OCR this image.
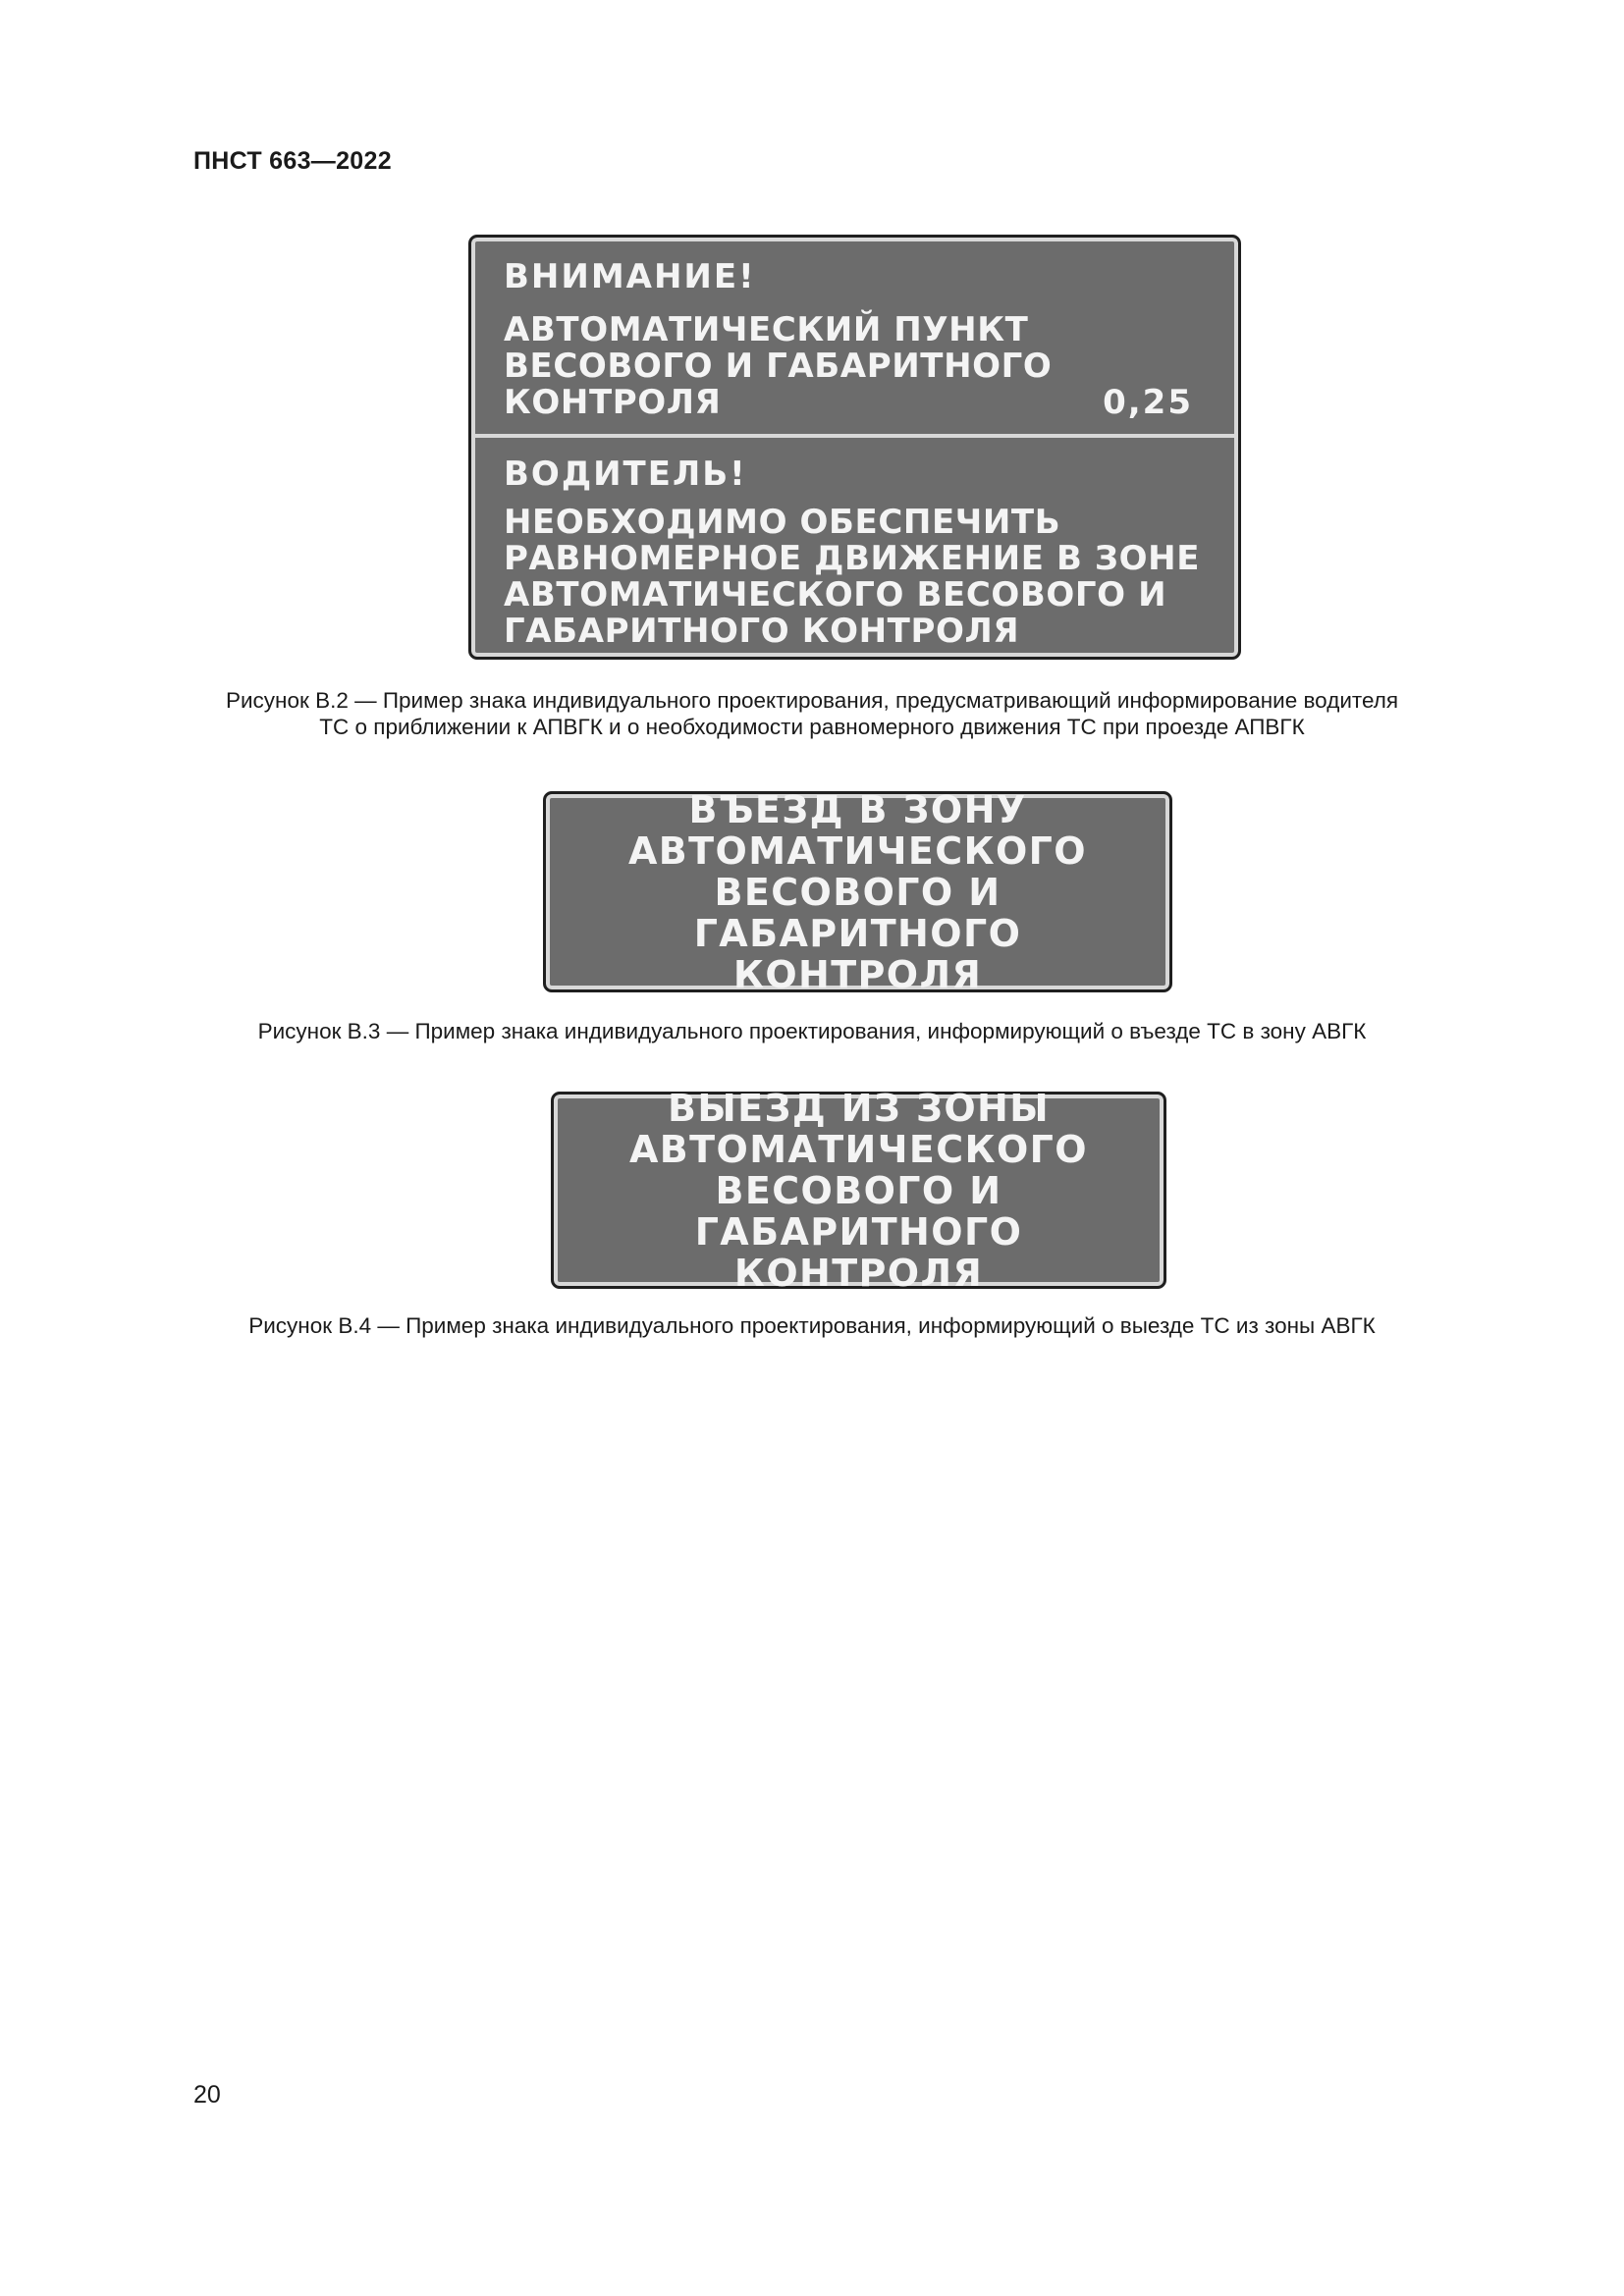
ПНСТ 663—2022
ВНИМАНИЕ!
АВТОМАТИЧЕСКИЙ ПУНКТ
ВЕСОВОГО И ГАБАРИТНОГО
КОНТРОЛЯ	0,25
ВОДИТЕЛЬ!
НЕОБХОДИМО ОБЕСПЕЧИТЬ
РАВНОМЕРНОЕ ДВИЖЕНИЕ В ЗОНЕ
АВТОМАТИЧЕСКОГО ВЕСОВОГО И
ГАБАРИТНОГО КОНТРОЛЯ
Рисунок В.2 — Пример знака индивидуального проектирования, предусматривающий информирование водителя
ТС о приближении к АПВГК и о необходимости равномерного движения ТС при проезде АПВГК
ВЪЕЗД В ЗОНУ
АВТОМАТИЧЕСКОГО
ВЕСОВОГО И ГАБАРИТНОГО
КОНТРОЛЯ
Рисунок В.3 — Пример знака индивидуального проектирования, информирующий о въезде ТС в зону АВГК
ВЫЕЗД ИЗ ЗОНЫ
АВТОМАТИЧЕСКОГО
ВЕСОВОГО И ГАБАРИТНОГО
КОНТРОЛЯ
Рисунок В.4 — Пример знака индивидуального проектирования, информирующий о выезде ТС из зоны АВГК
20
